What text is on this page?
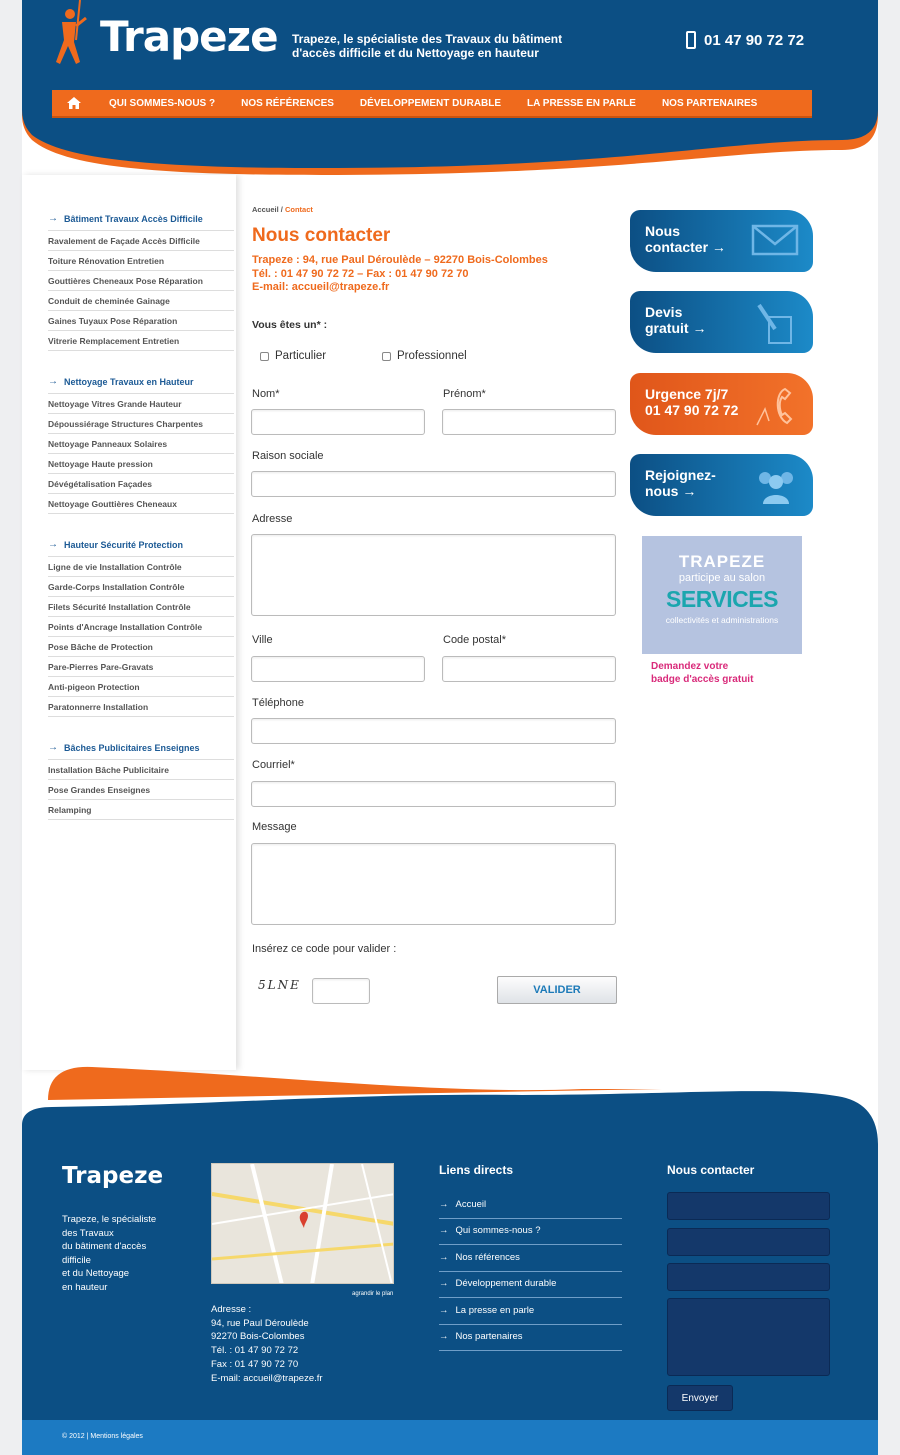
Trapeze Trapeze, le spécialiste des Travaux du bâtiment d'accès difficile et du Nettoyage en hauteur
01 47 90 72 72
QUI SOMMES-NOUS ?	NOS RÉFÉRENCES	DÉVELOPPEMENT DURABLE	LA PRESSE EN PARLE	NOS PARTENAIRES
→ Bâtiment Travaux Accès Difficile
Ravalement de Façade Accès Difficile
Toiture Rénovation Entretien
Gouttières Cheneaux Pose Réparation
Conduit de cheminée Gainage
Gaines Tuyaux Pose Réparation
Vitrerie Remplacement Entretien
→ Nettoyage Travaux en Hauteur
Nettoyage Vitres Grande Hauteur
Dépoussiérage Structures Charpentes
Nettoyage Panneaux Solaires
Nettoyage Haute pression
Dévégétalisation Façades
Nettoyage Gouttières Cheneaux
→ Hauteur Sécurité Protection
Ligne de vie Installation Contrôle
Garde-Corps Installation Contrôle
Filets Sécurité Installation Contrôle
Points d'Ancrage Installation Contrôle
Pose Bâche de Protection
Pare-Pierres Pare-Gravats
Anti-pigeon Protection
Paratonnerre Installation
→ Bâches Publicitaires Enseignes
Installation Bâche Publicitaire
Pose Grandes Enseignes
Relamping
Accueil / Contact
Nous contacter
Trapeze : 94, rue Paul Déroulède – 92270 Bois-Colombes
Tél. : 01 47 90 72 72 – Fax : 01 47 90 72 70
E-mail: accueil@trapeze.fr
Vous êtes un* :
Particulier	Professionnel
Nom*	Prénom*
Raison sociale
Adresse
Ville	Code postal*
Téléphone
Courriel*
Message
Insérez ce code pour valider :
5LNE	VALIDER
Nous
contacter →
Devis
gratuit →
Urgence 7j/7
01 47 90 72 72
Rejoignez-
nous →
TRAPEZE
participe au salon
SERVICES
collectivités et administrations
Demandez votre
badge d'accès gratuit
Trapeze
Trapeze, le spécialiste
des Travaux
du bâtiment d'accès
difficile
et du Nettoyage
en hauteur
agrandir le plan
Adresse :
94, rue Paul Déroulède
92270 Bois-Colombes
Tél. : 01 47 90 72 72
Fax : 01 47 90 72 70
E-mail: accueil@trapeze.fr
Liens directs
→ Accueil
→ Qui sommes-nous ?
→ Nos références
→ Développement durable
→ La presse en parle
→ Nos partenaires
Nous contacter
Envoyer
© 2012 | Mentions légales
